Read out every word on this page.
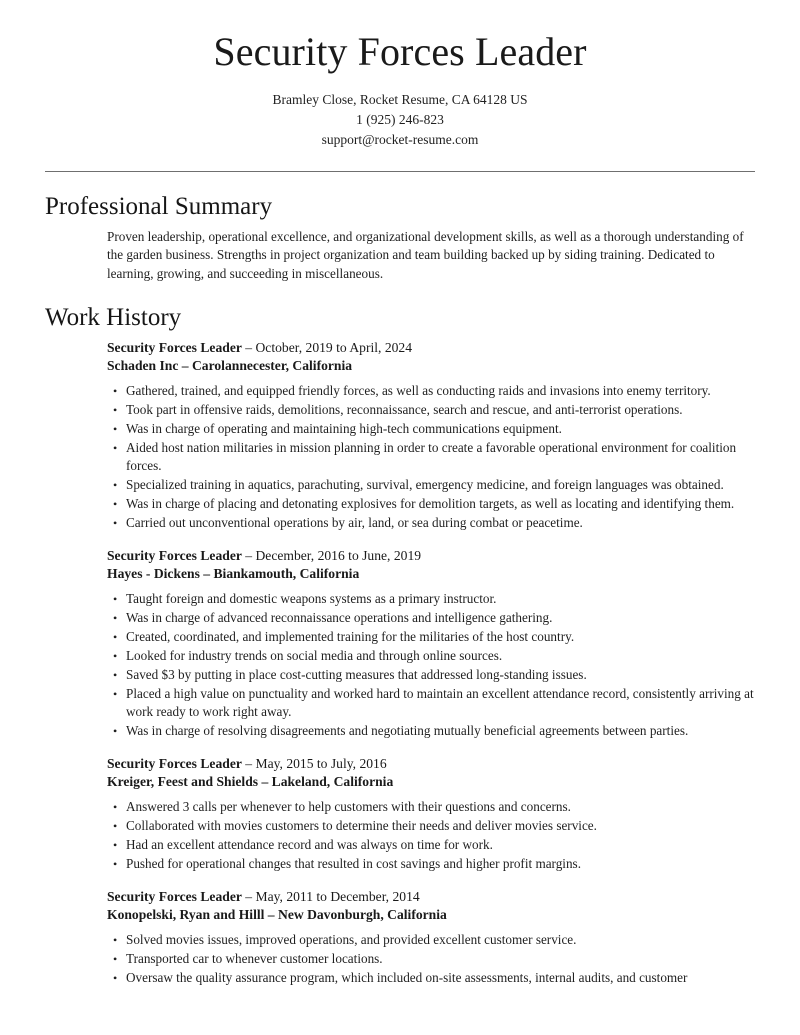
Security Forces Leader

Bramley Close, Rocket Resume, CA 64128 US

1 (925) 246-823

support@rocket-resume.com

Professional Summary

Proven leadership, operational excellence, and organizational development skills, as well as a thorough understanding of the garden business. Strengths in project organization and team building backed up by siding training. Dedicated to learning, growing, and succeeding in miscellaneous.

Work History

Security Forces Leader – October, 2019 to April, 2024

Schaden Inc – Carolannecester, California

• Gathered, trained, and equipped friendly forces, as well as conducting raids and invasions into enemy territory.
• Took part in offensive raids, demolitions, reconnaissance, search and rescue, and anti-terrorist operations.
• Was in charge of operating and maintaining high-tech communications equipment.
• Aided host nation militaries in mission planning in order to create a favorable operational environment for coalition forces.
• Specialized training in aquatics, parachuting, survival, emergency medicine, and foreign languages was obtained.
• Was in charge of placing and detonating explosives for demolition targets, as well as locating and identifying them.
• Carried out unconventional operations by air, land, or sea during combat or peacetime.

Security Forces Leader – December, 2016 to June, 2019

Hayes - Dickens – Biankamouth, California

• Taught foreign and domestic weapons systems as a primary instructor.
• Was in charge of advanced reconnaissance operations and intelligence gathering.
• Created, coordinated, and implemented training for the militaries of the host country.
• Looked for industry trends on social media and through online sources.
• Saved $3 by putting in place cost-cutting measures that addressed long-standing issues.
• Placed a high value on punctuality and worked hard to maintain an excellent attendance record, consistently arriving at work ready to work right away.
• Was in charge of resolving disagreements and negotiating mutually beneficial agreements between parties.

Security Forces Leader – May, 2015 to July, 2016

Kreiger, Feest and Shields – Lakeland, California

• Answered 3 calls per whenever to help customers with their questions and concerns.
• Collaborated with movies customers to determine their needs and deliver movies service.
• Had an excellent attendance record and was always on time for work.
• Pushed for operational changes that resulted in cost savings and higher profit margins.

Security Forces Leader – May, 2011 to December, 2014

Konopelski, Ryan and Hilll – New Davonburgh, California

• Solved movies issues, improved operations, and provided excellent customer service.
• Transported car to whenever customer locations.
• Oversaw the quality assurance program, which included on-site assessments, internal audits, and customer
